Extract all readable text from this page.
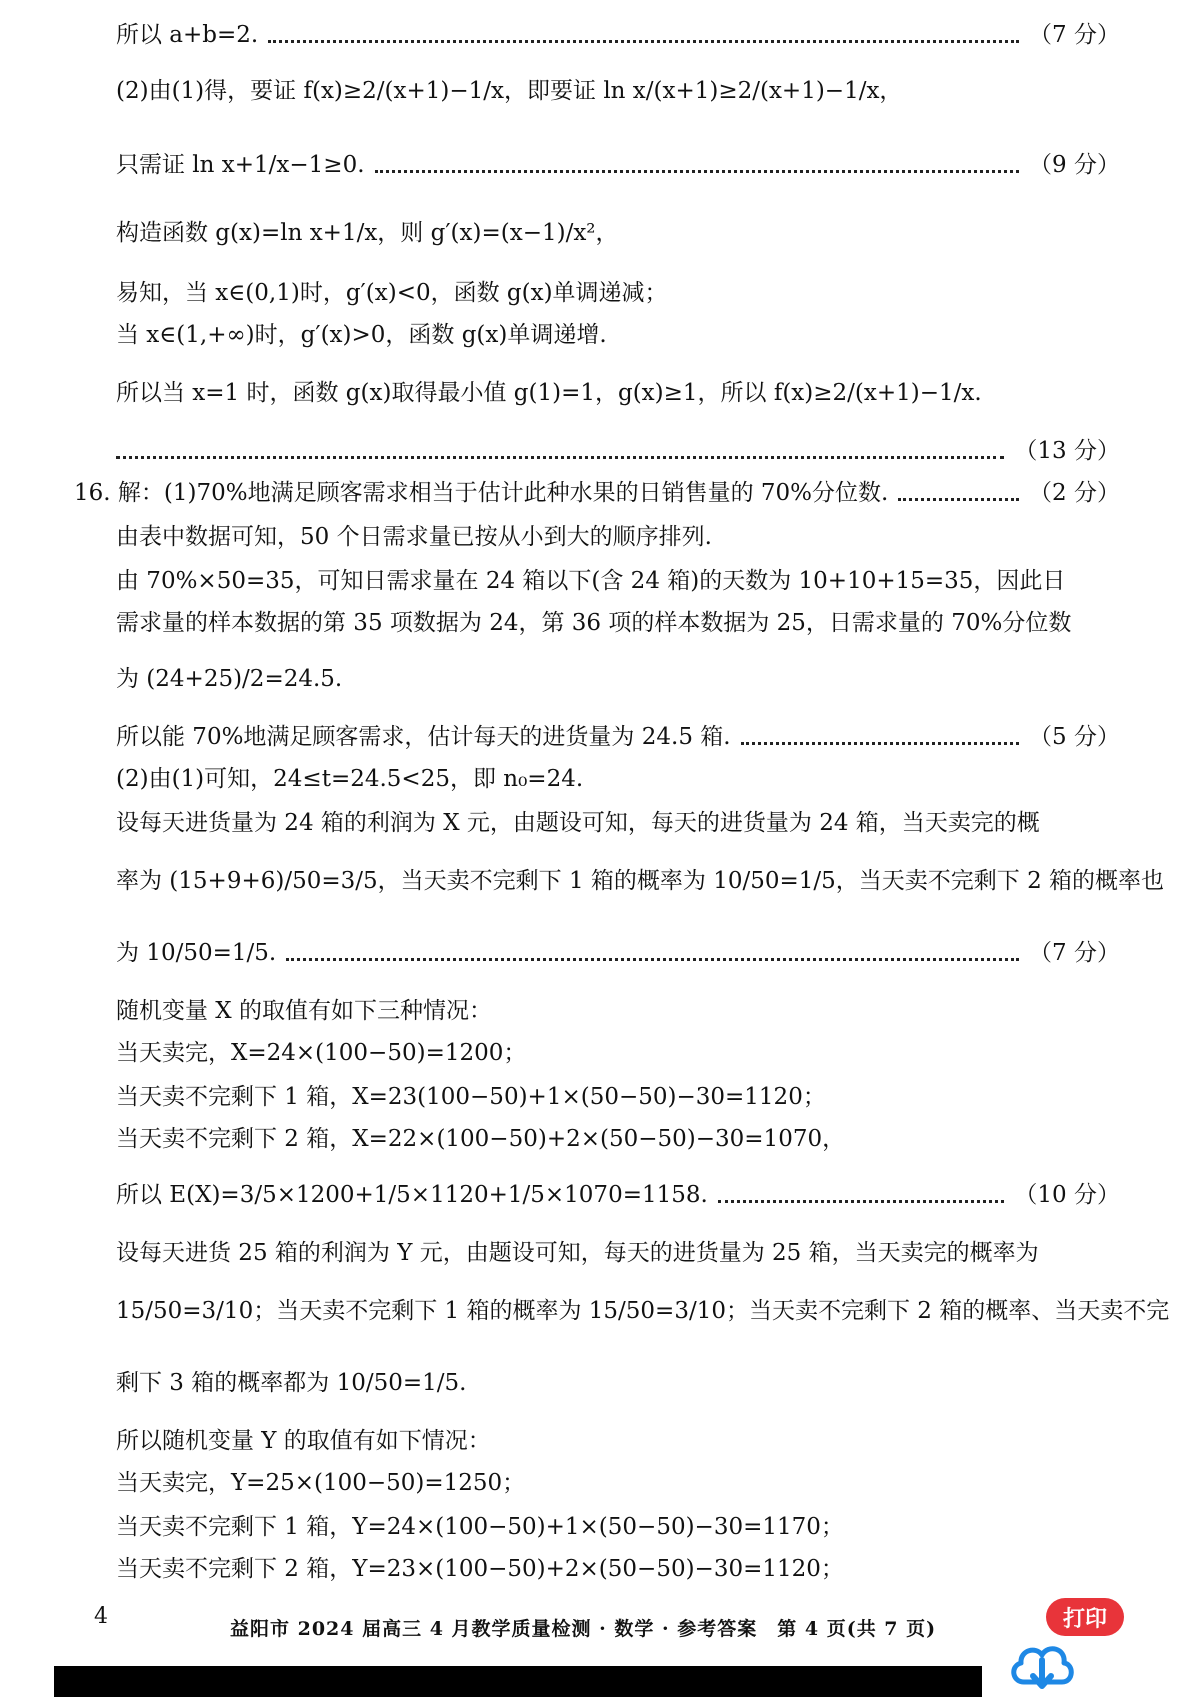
所以 a+b=2.	（7 分）
(2)由(1)得，要证 f(x)≥2/(x+1)−1/x，即要证 ln x/(x+1)≥2/(x+1)−1/x，
只需证 ln x+1/x−1≥0.	（9 分）
构造函数 g(x)=ln x+1/x，则 g′(x)=(x−1)/x²，
易知，当 x∈(0,1)时，g′(x)<0，函数 g(x)单调递减；
当 x∈(1,+∞)时，g′(x)>0，函数 g(x)单调递增.
所以当 x=1 时，函数 g(x)取得最小值 g(1)=1，g(x)≥1，所以 f(x)≥2/(x+1)−1/x.
（13 分）
16. 解：(1)70%地满足顾客需求相当于估计此种水果的日销售量的 70%分位数.	（2 分）
由表中数据可知，50 个日需求量已按从小到大的顺序排列.
由 70%×50=35，可知日需求量在 24 箱以下(含 24 箱)的天数为 10+10+15=35，因此日
需求量的样本数据的第 35 项数据为 24，第 36 项的样本数据为 25，日需求量的 70%分位数
为 (24+25)/2=24.5.
所以能 70%地满足顾客需求，估计每天的进货量为 24.5 箱.	（5 分）
(2)由(1)可知，24≤t=24.5<25，即 n₀=24.
设每天进货量为 24 箱的利润为 X 元，由题设可知，每天的进货量为 24 箱，当天卖完的概
率为 (15+9+6)/50=3/5，当天卖不完剩下 1 箱的概率为 10/50=1/5，当天卖不完剩下 2 箱的概率也
为 10/50=1/5.	（7 分）
随机变量 X 的取值有如下三种情况：
当天卖完，X=24×(100−50)=1200；
当天卖不完剩下 1 箱，X=23(100−50)+1×(50−50)−30=1120；
当天卖不完剩下 2 箱，X=22×(100−50)+2×(50−50)−30=1070，
所以 E(X)=3/5×1200+1/5×1120+1/5×1070=1158.	（10 分）
设每天进货 25 箱的利润为 Y 元，由题设可知，每天的进货量为 25 箱，当天卖完的概率为
15/50=3/10；当天卖不完剩下 1 箱的概率为 15/50=3/10；当天卖不完剩下 2 箱的概率、当天卖不完
剩下 3 箱的概率都为 10/50=1/5.
所以随机变量 Y 的取值有如下情况：
当天卖完，Y=25×(100−50)=1250；
当天卖不完剩下 1 箱，Y=24×(100−50)+1×(50−50)−30=1170；
当天卖不完剩下 2 箱，Y=23×(100−50)+2×(50−50)−30=1120；
4	益阳市 2024 届高三 4 月教学质量检测 · 数学 · 参考答案　第 4 页(共 7 页)	打印
